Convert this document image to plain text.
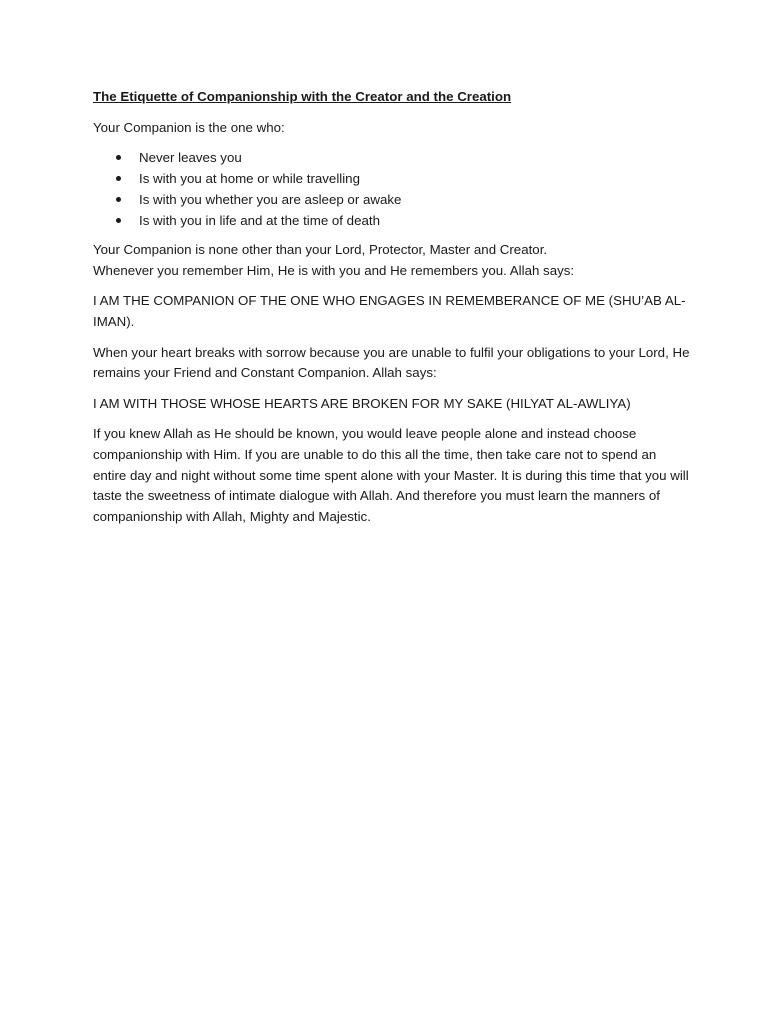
The Etiquette of Companionship with the Creator and the Creation

Your Companion is the one who:

Never leaves you
Is with you at home or while travelling
Is with you whether you are asleep or awake
Is with you in life and at the time of death

Your Companion is none other than your Lord, Protector, Master and Creator.
Whenever you remember Him, He is with you and He remembers you. Allah says:

I AM THE COMPANION OF THE ONE WHO ENGAGES IN REMEMBERANCE OF ME (SHU’AB AL-IMAN).

When your heart breaks with sorrow because you are unable to fulfil your obligations to your Lord, He remains your Friend and Constant Companion. Allah says:

I AM WITH THOSE WHOSE HEARTS ARE BROKEN FOR MY SAKE (HILYAT AL-AWLIYA)

If you knew Allah as He should be known, you would leave people alone and instead choose companionship with Him. If you are unable to do this all the time, then take care not to spend an entire day and night without some time spent alone with your Master. It is during this time that you will taste the sweetness of intimate dialogue with Allah. And therefore you must learn the manners of companionship with Allah, Mighty and Majestic.
